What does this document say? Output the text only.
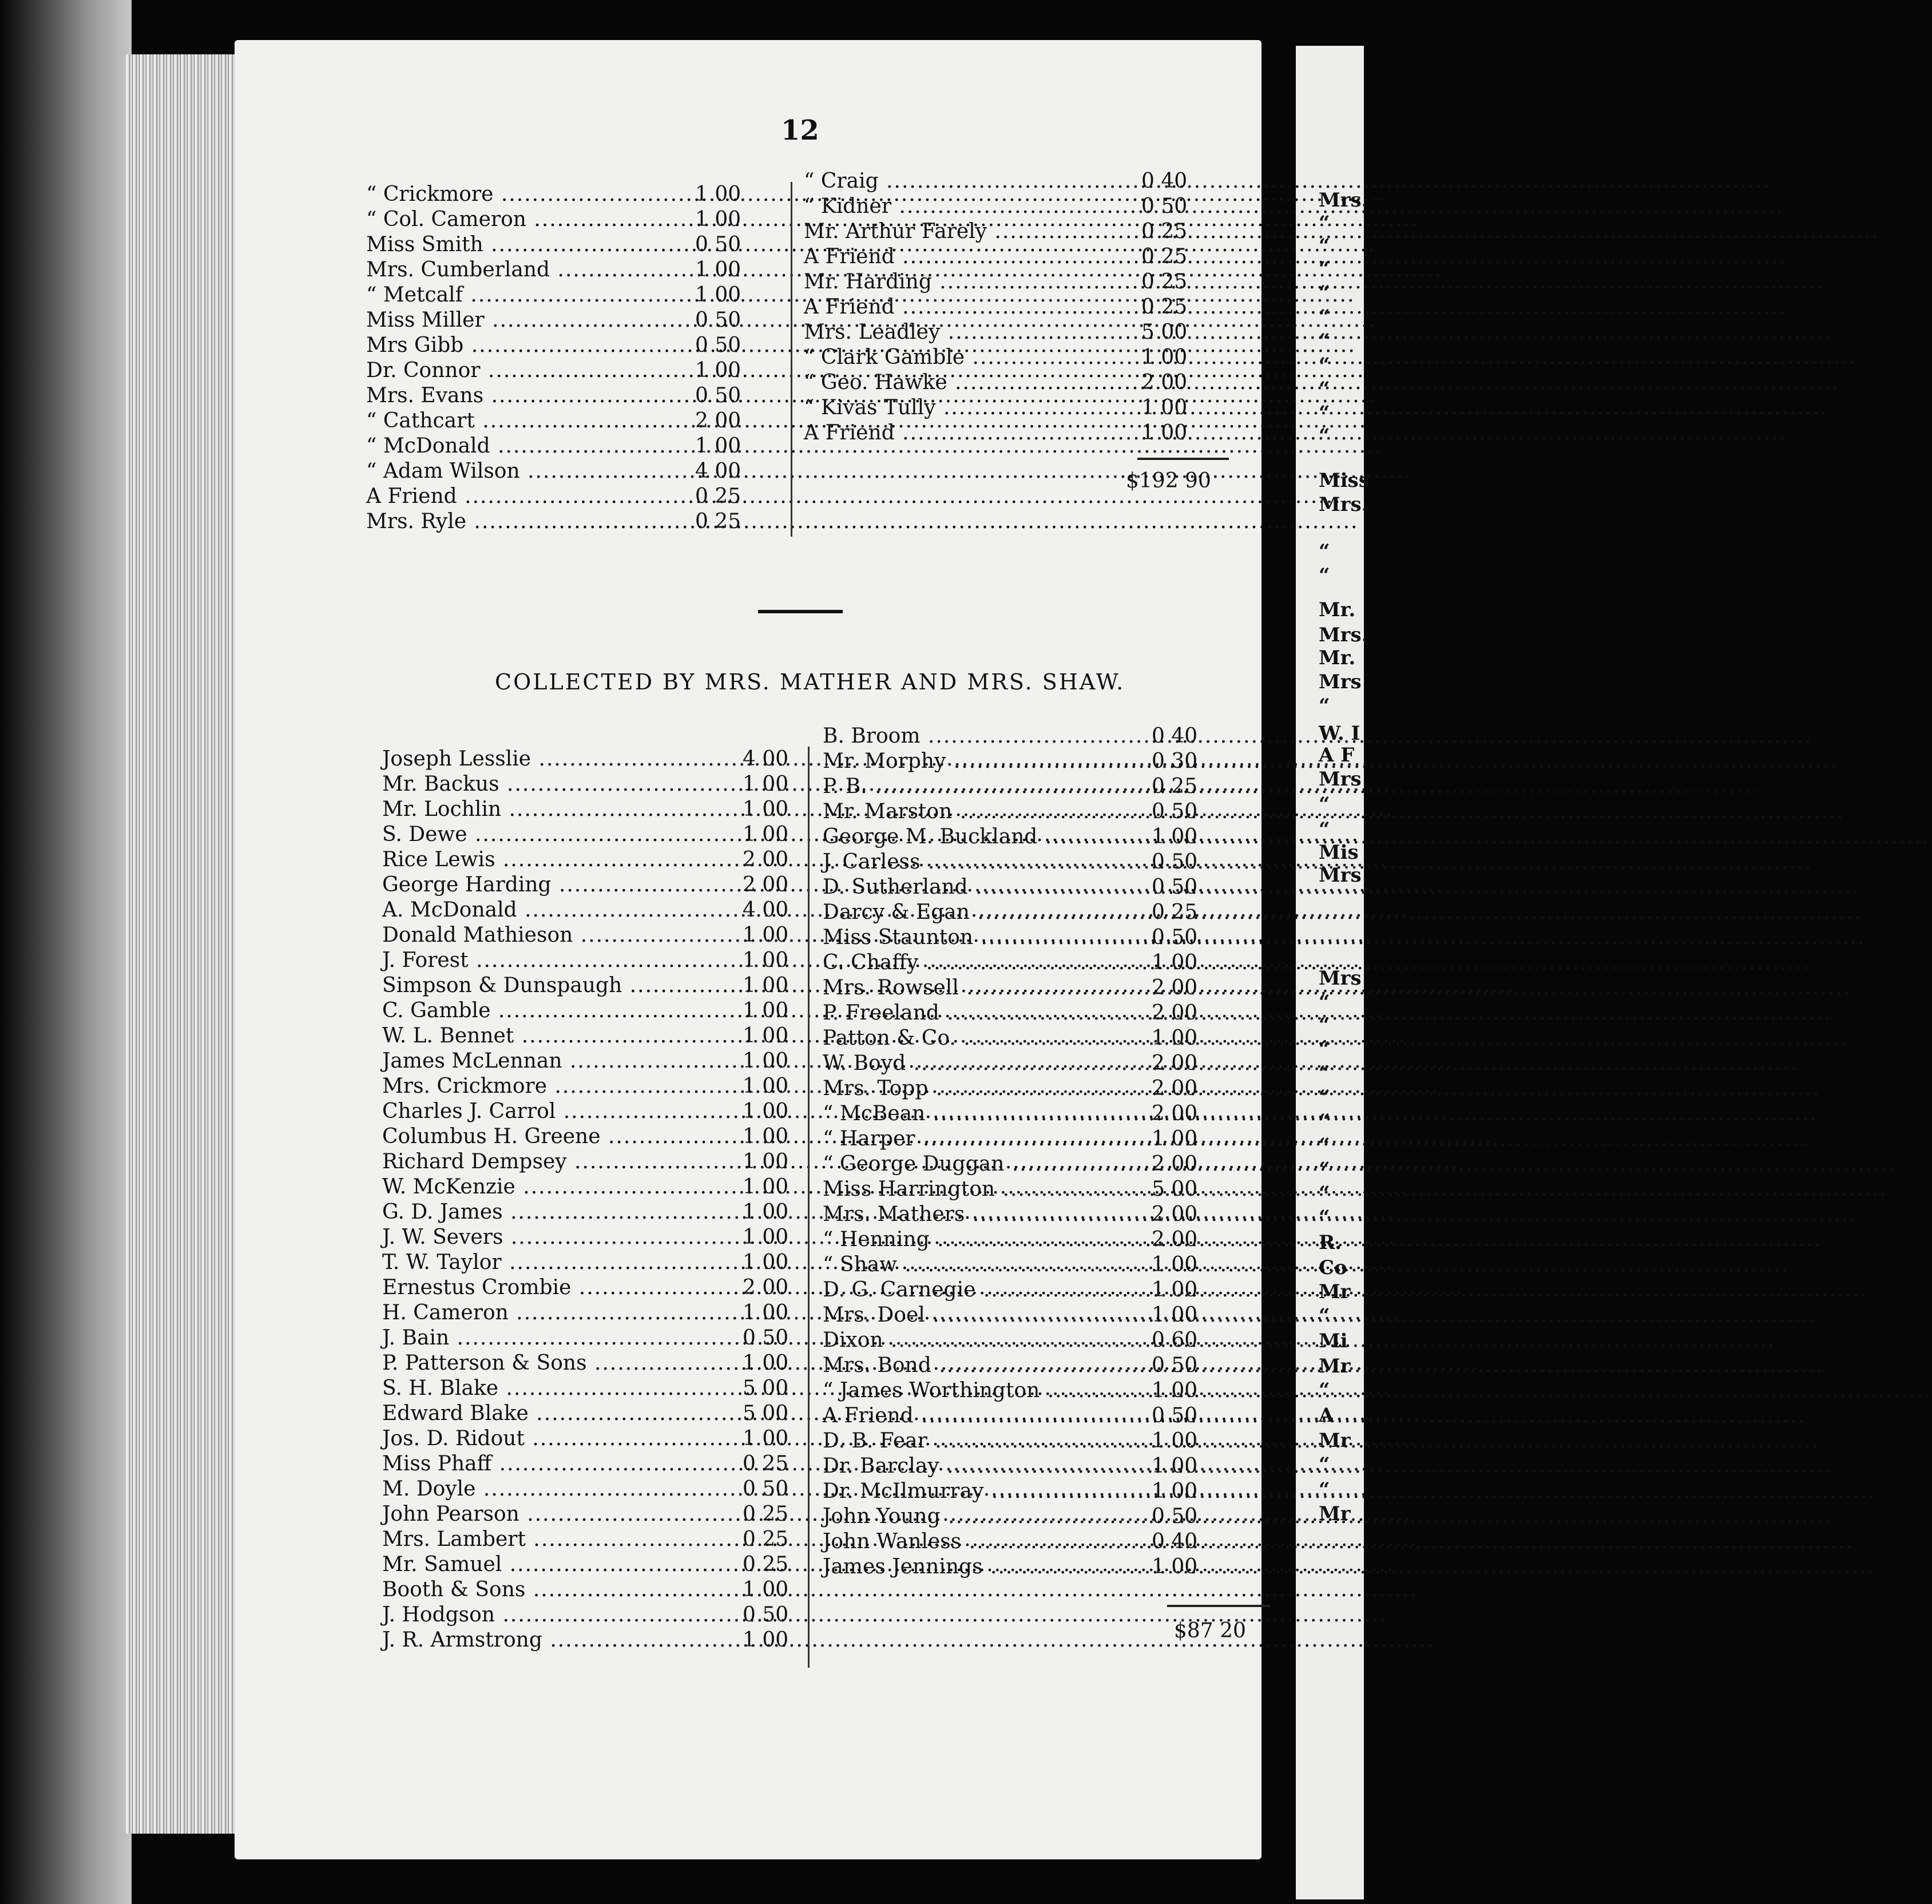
Mrs.
“
“
“
“
“
“
“
“
“
“
Miss
Mrs.
“
“
Mr.
Mrs.
Mr.
Mrs
“
W. I
A F
Mrs
“
“
Mis
Mrs
Mrs
“
“
“
“
“
“
“
“
“
“
R.
Co
Mr
“
Mi
Mr
“
A
Mr
“
“
Mr
12
“ Crickmore .....	1 00
“ Col. Cameron .....	1 00
Miss Smith .....	0 50
Mrs. Cumberland .....	1 00
“ Metcalf .....	1 00
Miss Miller .....	0 50
Mrs Gibb .....	0 50
Dr. Connor .....	1 00
Mrs. Evans .....	0 50
“ Cathcart .....	2 00
“ McDonald .....	1 00
“ Adam Wilson .....	4 00
A Friend .....	0 25
Mrs. Ryle .....	0 25
“ Craig .....	0 40
“ Kidner .....	0 50
Mr. Arthur Farely .....	0 25
A Friend .....	0 25
Mr. Harding .....	0 25
A Friend .....	0 25
Mrs. Leadley .....	5 00
“ Clark Gamble .....	1 00
“ Geo. Hawke .....	2 00
“ Kivas Tully .....	1 00
A Friend .....	1 00
$192 90
COLLECTED BY MRS. MATHER AND MRS. SHAW.
Joseph Lesslie .....	4 00
Mr. Backus .....	1 00
Mr. Lochlin .....	1 00
S. Dewe .....	1 00
Rice Lewis .....	2 00
George Harding .....	2 00
A. McDonald .....	4 00
Donald Mathieson .....	1 00
J. Forest .....	1 00
Simpson & Dunspaugh .....	1 00
C. Gamble .....	1 00
W. L. Bennet .....	1 00
James McLennan .....	1 00
Mrs. Crickmore .....	1 00
Charles J. Carrol .....	1 00
Columbus H. Greene .....	1 00
Richard Dempsey .....	1 00
W. McKenzie .....	1 00
G. D. James .....	1 00
J. W. Severs .....	1 00
T. W. Taylor .....	1 00
Ernestus Crombie .....	2 00
H. Cameron .....	1 00
J. Bain .....	0 50
P. Patterson & Sons .....	1 00
S. H. Blake .....	5 00
Edward Blake .....	5 00
Jos. D. Ridout .....	1 00
Miss Phaff .....	0 25
M. Doyle .....	0 50
John Pearson .....	0 25
Mrs. Lambert .....	0 25
Mr. Samuel .....	0 25
Booth & Sons .....	1 00
J. Hodgson .....	0 50
J. R. Armstrong .....	1 00
B. Broom .....	0 40
Mr. Morphy .....	0 30
P. B. .....	0 25
Mr. Marston .....	0 50
George M. Buckland .....	1 00
J. Carless .....	0 50
D. Sutherland .....	0 50
Darcy & Egan .....	0 25
Miss Staunton .....	0 50
C. Chaffy .....	1 00
Mrs. Rowsell .....	2 00
P. Freeland .....	2 00
Patton & Co. .....	1 00
W. Boyd .....	2 00
Mrs. Topp .....	2 00
“ McBean .....	2 00
“ Harper .....	1 00
“ George Duggan .....	2 00
Miss Harrington .....	5 00
Mrs. Mathers .....	2 00
“ Henning .....	2 00
“ Shaw .....	1 00
D. G. Carnegie .....	1 00
Mrs. Doel .....	1 00
Dixon .....	0 60
Mrs. Bond .....	0 50
“ James Worthington .....	1 00
A Friend .....	0 50
D. B. Fear .....	1 00
Dr. Barclay .....	1 00
Dr. McIlmurray .....	1 00
John Young .....	0 50
John Wanless .....	0 40
James Jennings .....	1 00
$87 20
